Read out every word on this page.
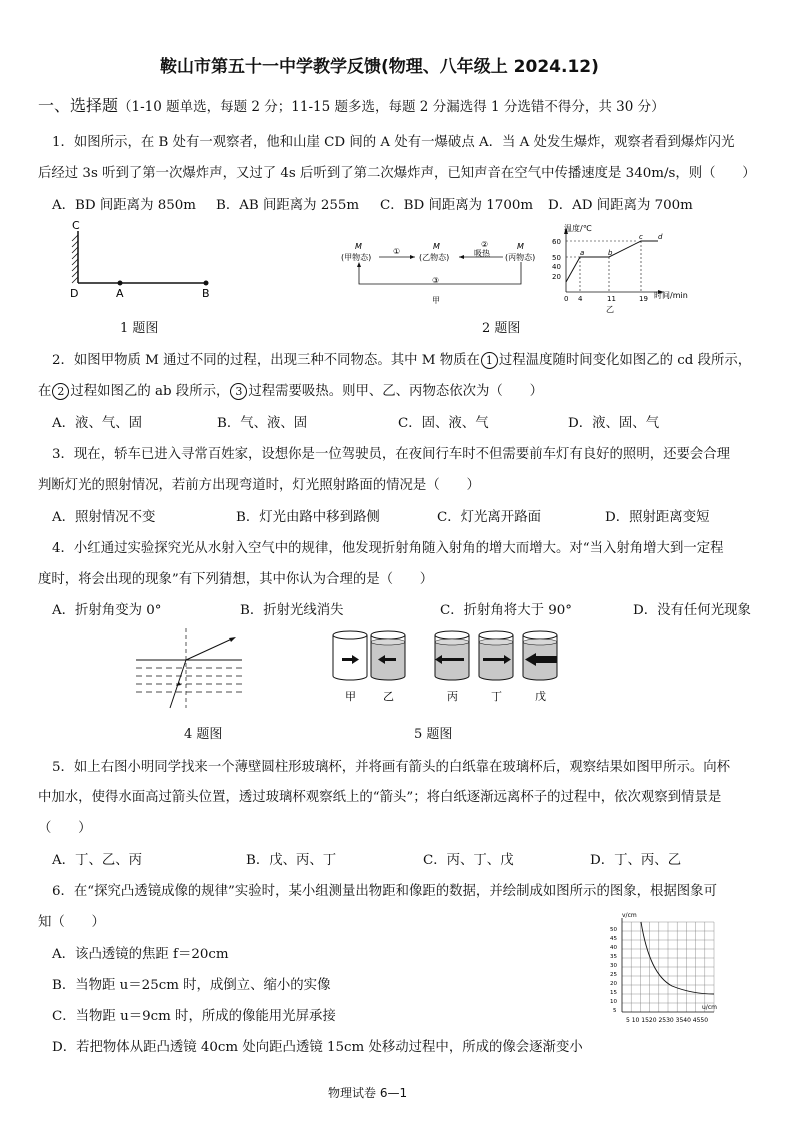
鞍山市第五十一中学教学反馈(物理、八年级上 2024.12)
一、选择题（1-10 题单选，每题 2 分；11-15 题多选，每题 2 分漏选得 1 分选错不得分，共 30 分）
1．如图所示，在 B 处有一观察者，他和山崖 CD 间的 A 处有一爆破点 A．当 A 处发生爆炸，观察者看到爆炸闪光
后经过 3s 听到了第一次爆炸声，又过了 4s 后听到了第二次爆炸声，已知声音在空气中传播速度是 340m/s，则（　　）
A．BD 间距离为 850m B．AB 间距离为 255m C．BD 间距离为 1700m D．AD 间距离为 700m
C
D	A	B
1 题图
M
(甲物态)
M
(乙物态)
M
(丙物态)
①
②
吸热
③
甲
温度/℃
时间/min
60
50
40
20
0 4	11	19
a	b
c d
乙
2 题图
2．如图甲物质 M 通过不同的过程，出现三种不同物态。其中 M 物质在 1 过程温度随时间变化如图乙的 cd 段所示，
在 2 过程如图乙的 ab 段所示， 3 过程需要吸热。则甲、乙、丙物态依次为（　　）
A．液、气、固	B．气、液、固	C．固、液、气	D．液、固、气
3．现在，轿车已进入寻常百姓家，设想你是一位驾驶员，在夜间行车时不但需要前车灯有良好的照明，还要会合理
判断灯光的照射情况，若前方出现弯道时，灯光照射路面的情况是（　　）
A．照射情况不变	B．灯光由路中移到路侧	C．灯光离开路面	D．照射距离变短
4．小红通过实验探究光从水射入空气中的规律，他发现折射角随入射角的增大而增大。对“当入射角增大到一定程
度时，将会出现的现象”有下列猜想，其中你认为合理的是（　　）
A．折射角变为 0°	B．折射光线消失	C．折射角将大于 90°	D．没有任何光现象
4 题图
甲 乙	丙	丁	戊
5 题图
5．如上右图小明同学找来一个薄壁圆柱形玻璃杯，并将画有箭头的白纸靠在玻璃杯后，观察结果如图甲所示。向杯
中加水，使得水面高过箭头位置，透过玻璃杯观察纸上的“箭头”；将白纸逐渐远离杯子的过程中，依次观察到情景是
（　　）
A．丁、乙、丙	B．戊、丙、丁	C．丙、丁、戊	D．丁、丙、乙
6．在“探究凸透镜成像的规律”实验时，某小组测量出物距和像距的数据，并绘制成如图所示的图象，根据图象可
知（　　）
A．该凸透镜的焦距 f＝20cm
B．当物距 u＝25cm 时，成倒立、缩小的实像
C．当物距 u＝9cm 时，所成的像能用光屏承接
D．若把物体从距凸透镜 40cm 处向距凸透镜 15cm 处移动过程中，所成的像会逐渐变小
v/cm
u/cm
50
45
40
35
30
25
20
15
10
5
5 10 1520 2530 3540 4550
物理试卷 6—1
